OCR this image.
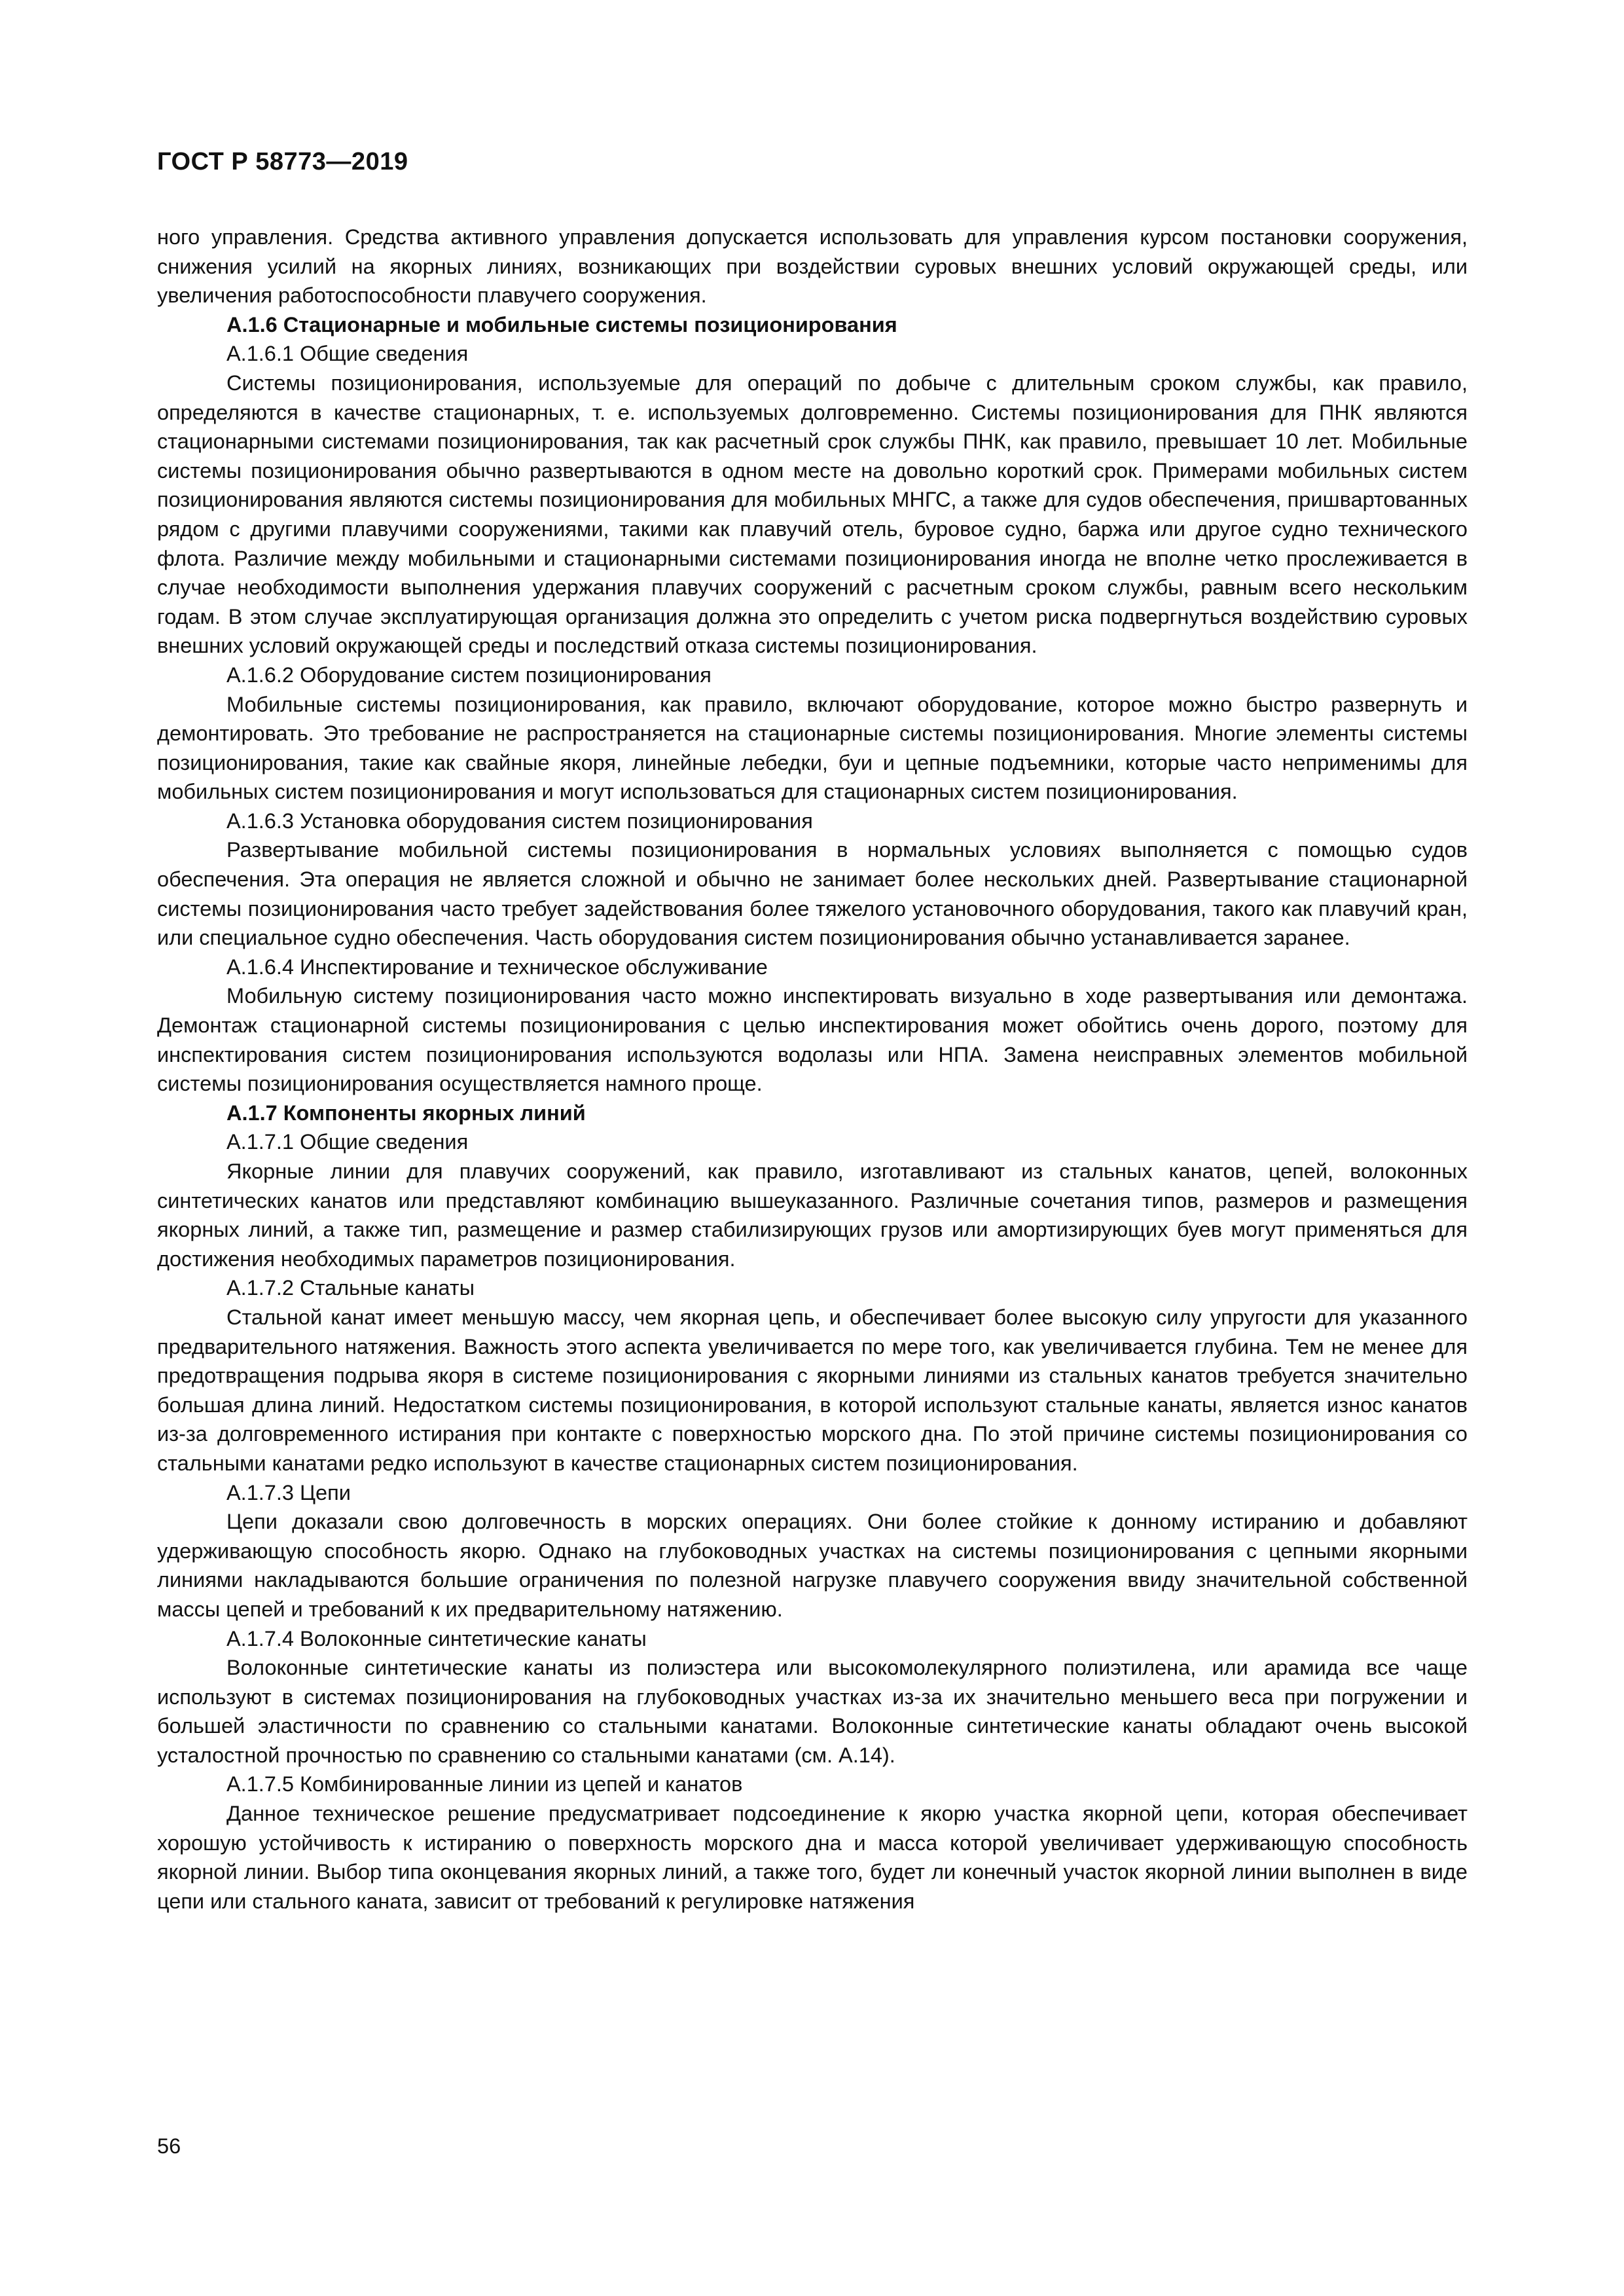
ГОСТ Р 58773—2019

ного управления. Средства активного управления допускается использовать для управления курсом постановки сооружения, снижения усилий на якорных линиях, возникающих при воздействии суровых внешних условий окружающей среды, или увеличения работоспособности плавучего сооружения.

А.1.6 Стационарные и мобильные системы позиционирования
А.1.6.1 Общие сведения

Системы позиционирования, используемые для операций по добыче с длительным сроком службы, как правило, определяются в качестве стационарных, т. е. используемых долговременно. Системы позиционирования для ПНК являются стационарными системами позиционирования, так как расчетный срок службы ПНК, как правило, превышает 10 лет. Мобильные системы позиционирования обычно развертываются в одном месте на довольно короткий срок. Примерами мобильных систем позиционирования являются системы позиционирования для мобильных МНГС, а также для судов обеспечения, пришвартованных рядом с другими плавучими сооружениями, такими как плавучий отель, буровое судно, баржа или другое судно технического флота. Различие между мобильными и стационарными системами позиционирования иногда не вполне четко прослеживается в случае необходимости выполнения удержания плавучих сооружений с расчетным сроком службы, равным всего нескольким годам. В этом случае эксплуатирующая организация должна это определить с учетом риска подвергнуться воздействию суровых внешних условий окружающей среды и последствий отказа системы позиционирования.

А.1.6.2 Оборудование систем позиционирования

Мобильные системы позиционирования, как правило, включают оборудование, которое можно быстро развернуть и демонтировать. Это требование не распространяется на стационарные системы позиционирования. Многие элементы системы позиционирования, такие как свайные якоря, линейные лебедки, буи и цепные подъемники, которые часто неприменимы для мобильных систем позиционирования и могут использоваться для стационарных систем позиционирования.

А.1.6.3 Установка оборудования систем позиционирования

Развертывание мобильной системы позиционирования в нормальных условиях выполняется с помощью судов обеспечения. Эта операция не является сложной и обычно не занимает более нескольких дней. Развертывание стационарной системы позиционирования часто требует задействования более тяжелого установочного оборудования, такого как плавучий кран, или специальное судно обеспечения. Часть оборудования систем позиционирования обычно устанавливается заранее.

А.1.6.4 Инспектирование и техническое обслуживание

Мобильную систему позиционирования часто можно инспектировать визуально в ходе развертывания или демонтажа. Демонтаж стационарной системы позиционирования с целью инспектирования может обойтись очень дорого, поэтому для инспектирования систем позиционирования используются водолазы или НПА. Замена неисправных элементов мобильной системы позиционирования осуществляется намного проще.

А.1.7 Компоненты якорных линий
А.1.7.1 Общие сведения

Якорные линии для плавучих сооружений, как правило, изготавливают из стальных канатов, цепей, волоконных синтетических канатов или представляют комбинацию вышеуказанного. Различные сочетания типов, размеров и размещения якорных линий, а также тип, размещение и размер стабилизирующих грузов или амортизирующих буев могут применяться для достижения необходимых параметров позиционирования.

А.1.7.2 Стальные канаты

Стальной канат имеет меньшую массу, чем якорная цепь, и обеспечивает более высокую силу упругости для указанного предварительного натяжения. Важность этого аспекта увеличивается по мере того, как увеличивается глубина. Тем не менее для предотвращения подрыва якоря в системе позиционирования с якорными линиями из стальных канатов требуется значительно большая длина линий. Недостатком системы позиционирования, в которой используют стальные канаты, является износ канатов из-за долговременного истирания при контакте с поверхностью морского дна. По этой причине системы позиционирования со стальными канатами редко используют в качестве стационарных систем позиционирования.

А.1.7.3 Цепи

Цепи доказали свою долговечность в морских операциях. Они более стойкие к донному истиранию и добавляют удерживающую способность якорю. Однако на глубоководных участках на системы позиционирования с цепными якорными линиями накладываются большие ограничения по полезной нагрузке плавучего сооружения ввиду значительной собственной массы цепей и требований к их предварительному натяжению.

А.1.7.4 Волоконные синтетические канаты

Волоконные синтетические канаты из полиэстера или высокомолекулярного полиэтилена, или арамида все чаще используют в системах позиционирования на глубоководных участках из-за их значительно меньшего веса при погружении и большей эластичности по сравнению со стальными канатами. Волоконные синтетические канаты обладают очень высокой усталостной прочностью по сравнению со стальными канатами (см. А.14).

А.1.7.5 Комбинированные линии из цепей и канатов

Данное техническое решение предусматривает подсоединение к якорю участка якорной цепи, которая обеспечивает хорошую устойчивость к истиранию о поверхность морского дна и масса которой увеличивает удерживающую способность якорной линии. Выбор типа оконцевания якорных линий, а также того, будет ли конечный участок якорной линии выполнен в виде цепи или стального каната, зависит от требований к регулировке натяжения

56
